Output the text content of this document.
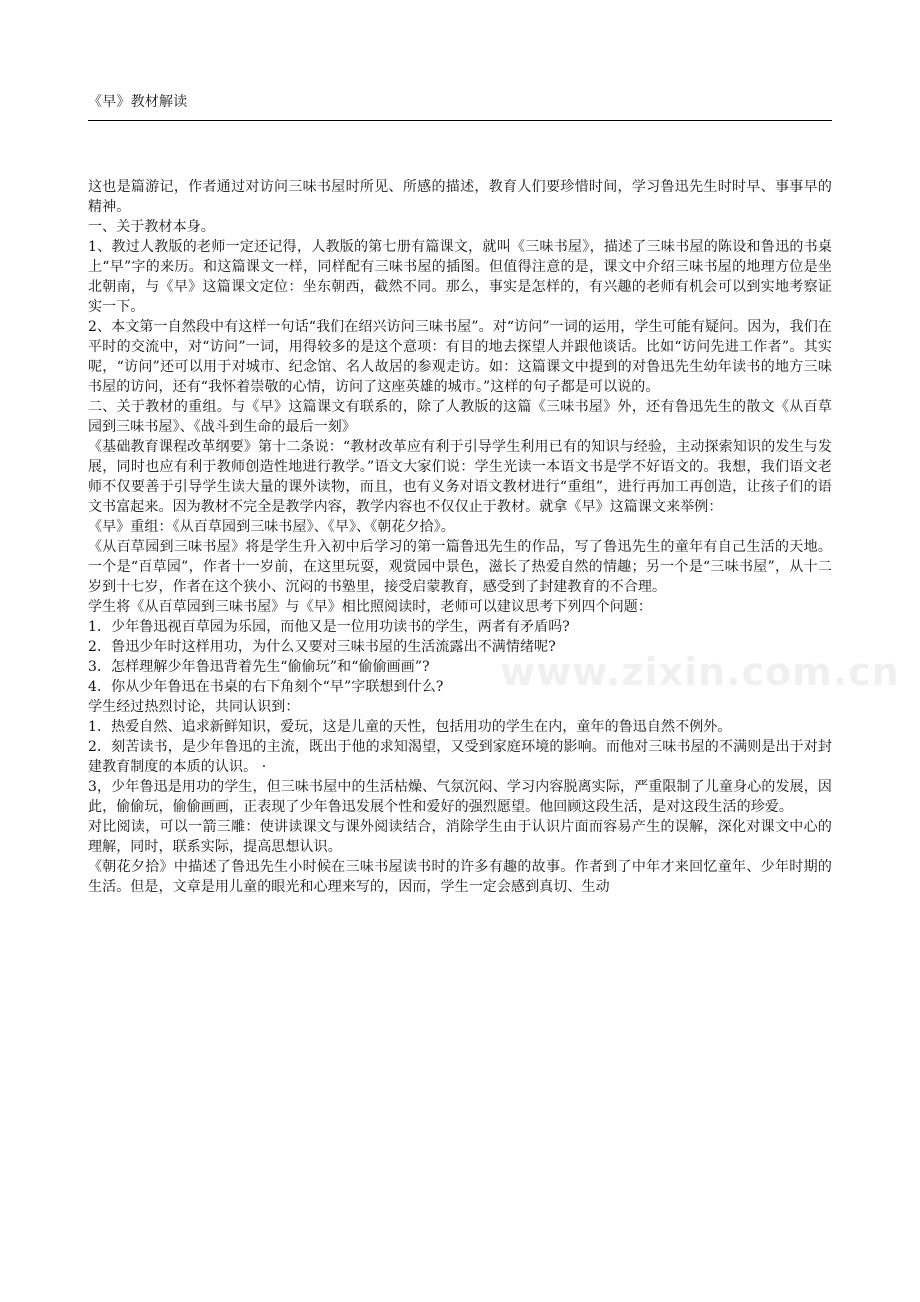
《早》教材解读

这也是篇游记，作者通过对访问三味书屋时所见、所感的描述，教育人们要珍惜时间，学习鲁迅先生时时早、事事早的精神。

一、关于教材本身。

1、教过人教版的老师一定还记得，人教版的第七册有篇课文，就叫《三味书屋》，描述了三味书屋的陈设和鲁迅的书桌上“早”字的来历。和这篇课文一样，同样配有三味书屋的插图。但值得注意的是，课文中介绍三味书屋的地理方位是坐北朝南，与《早》这篇课文定位：坐东朝西，截然不同。那么，事实是怎样的，有兴趣的老师有机会可以到实地考察证实一下。

2、本文第一自然段中有这样一句话“我们在绍兴访问三味书屋”。对“访问”一词的运用，学生可能有疑问。因为，我们在平时的交流中，对“访问”一词，用得较多的是这个意项：有目的地去探望人并跟他谈话。比如“访问先进工作者”。其实呢，“访问”还可以用于对城市、纪念馆、名人故居的参观走访。如：这篇课文中提到的对鲁迅先生幼年读书的地方三味书屋的访问，还有“我怀着崇敬的心情，访问了这座英雄的城市。”这样的句子都是可以说的。

二、关于教材的重组。与《早》这篇课文有联系的，除了人教版的这篇《三味书屋》外，还有鲁迅先生的散文《从百草园到三味书屋》、《战斗到生命的最后一刻》

《基础教育课程改革纲要》第十二条说：“教材改革应有利于引导学生利用已有的知识与经验，主动探索知识的发生与发展，同时也应有利于教师创造性地进行教学。”语文大家们说：学生光读一本语文书是学不好语文的。我想，我们语文老师不仅要善于引导学生读大量的课外读物，而且，也有义务对语文教材进行“重组”，进行再加工再创造，让孩子们的语文书富起来。因为教材不完全是教学内容，教学内容也不仅仅止于教材。就拿《早》这篇课文来举例：

《早》重组：《从百草园到三味书屋》、《早》、《朝花夕拾》。

《从百草园到三味书屋》将是学生升入初中后学习的第一篇鲁迅先生的作品，写了鲁迅先生的童年有自己生活的天地。一个是“百草园”，作者十一岁前，在这里玩耍，观赏园中景色，滋长了热爱自然的情趣；另一个是“三味书屋”，从十二岁到十七岁，作者在这个狭小、沉闷的书塾里，接受启蒙教育，感受到了封建教育的不合理。

学生将《从百草园到三味书屋》与《早》相比照阅读时，老师可以建议思考下列四个问题：

1．少年鲁迅视百草园为乐园，而他又是一位用功读书的学生，两者有矛盾吗?

2．鲁迅少年时这样用功，为什么又要对三味书屋的生活流露出不满情绪呢?

3．怎样理解少年鲁迅背着先生“偷偷玩”和“偷偷画画”?

4．你从少年鲁迅在书桌的右下角刻个“早”字联想到什么?

学生经过热烈讨论，共同认识到：

1．热爱自然、追求新鲜知识，爱玩，这是儿童的天性，包括用功的学生在内，童年的鲁迅自然不例外。

2．刻苦读书，是少年鲁迅的主流，既出于他的求知渴望，又受到家庭环境的影响。而他对三味书屋的不满则是出于对封建教育制度的本质的认识。 ·

3，少年鲁迅是用功的学生，但三味书屋中的生活枯燥、气氛沉闷、学习内容脱离实际，严重限制了儿童身心的发展，因此，偷偷玩，偷偷画画，正表现了少年鲁迅发展个性和爱好的强烈愿望。他回顾这段生活，是对这段生活的珍爱。

对比阅读，可以一箭三雕：使讲读课文与课外阅读结合，消除学生由于认识片面而容易产生的误解，深化对课文中心的理解，同时，联系实际，提高思想认识。

《朝花夕拾》中描述了鲁迅先生小时候在三味书屋读书时的许多有趣的故事。作者到了中年才来回忆童年、少年时期的生活。但是，文章是用儿童的眼光和心理来写的，因而，学生一定会感到真切、生动

www.zixin.com.cn
